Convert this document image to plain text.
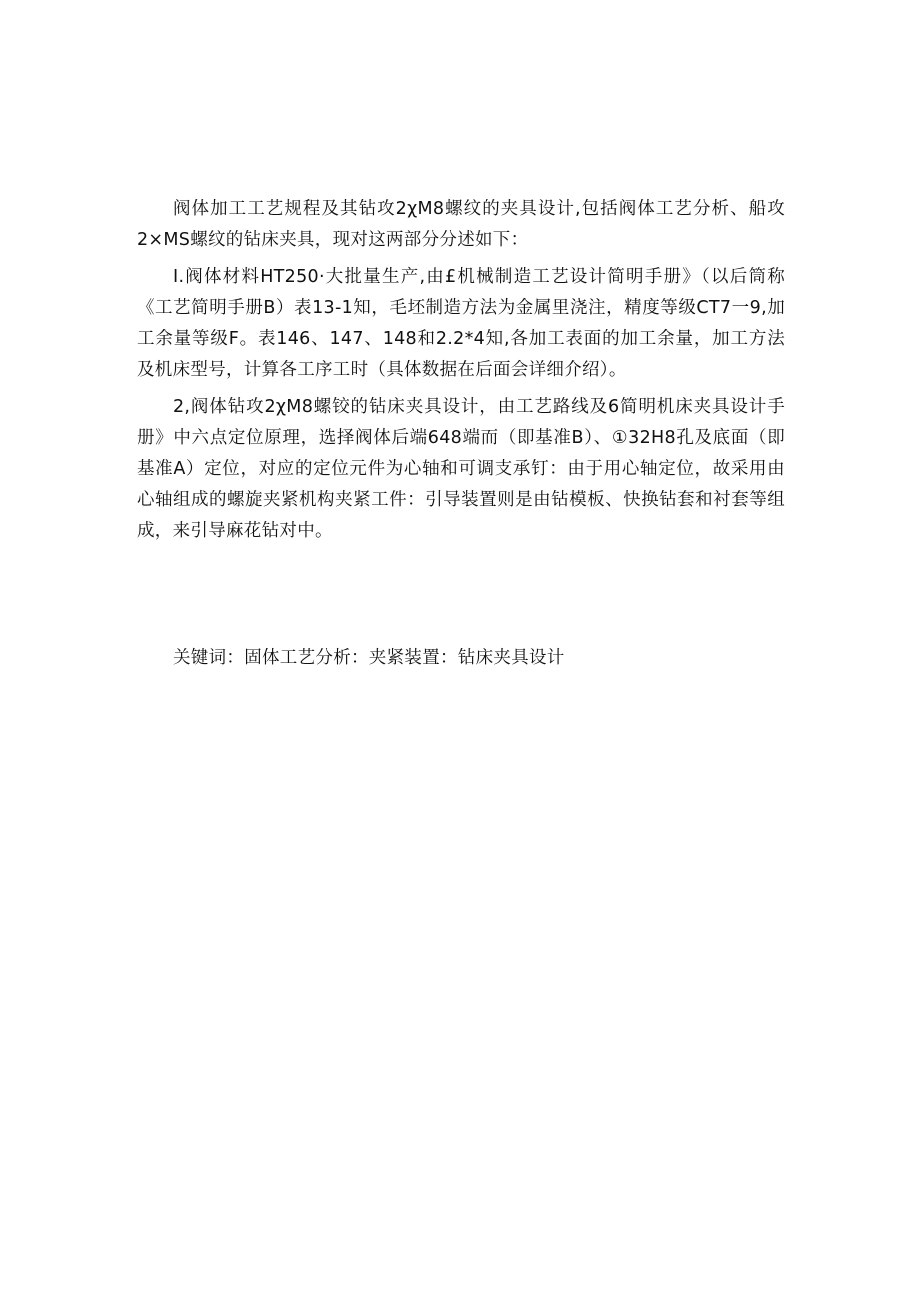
阀体加工工艺规程及其钻攻2χM8螺纹的夹具设计,包括阀体工艺分析、船攻2×MS螺纹的钻床夹具，现对这两部分分述如下：

I.阀体材料HT250·大批量生产,由£机械制造工艺设计简明手册》（以后筒称《工艺简明手册B）表13-1知，毛坯制造方法为金属里浇注，精度等级CT7一9,加工余量等级F。表146、147、148和2.2*4知,各加工表面的加工余量，加工方法及机床型号，计算各工序工时（具体数据在后面会详细介绍）。

2,阀体钻攻2χM8螺铰的钻床夹具设计，由工艺路线及6简明机床夹具设计手册》中六点定位原理，选择阀体后端648端而（即基准B）、①32H8孔及底面（即基准A）定位，对应的定位元件为心轴和可调支承钉：由于用心轴定位，故采用由心轴组成的螺旋夹紧机构夹紧工件：引导装置则是由钻模板、快换钻套和衬套等组成，来引导麻花钻对中。

关键词：固体工艺分析：夹紧装置：钻床夹具设计
